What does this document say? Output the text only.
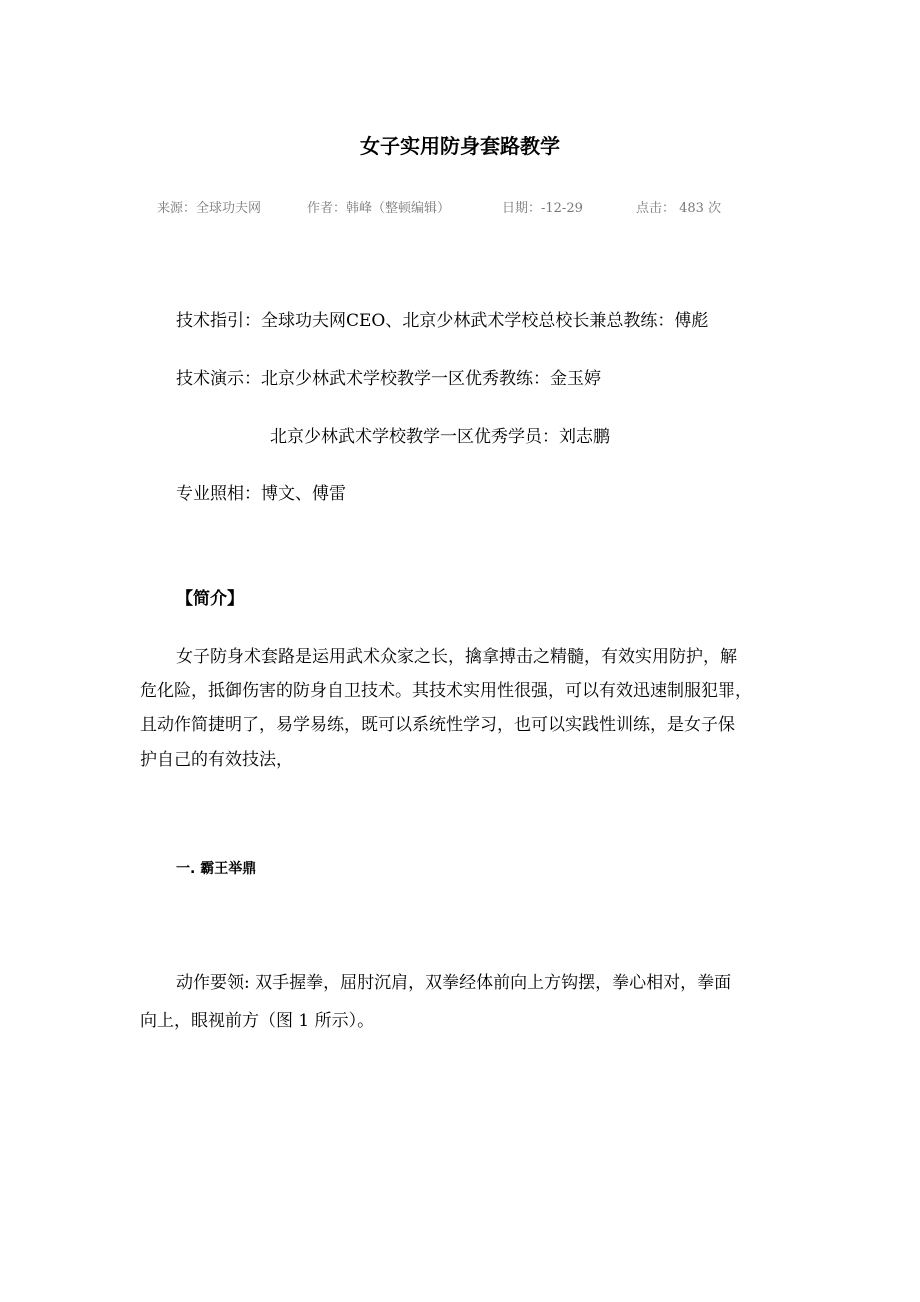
女子实用防身套路教学
来源：全球功夫网	作者：韩峰（整顿编辑）	日期：-12-29	点击： 483 次
技术指引：全球功夫网CEO、北京少林武术学校总校长兼总教练：傅彪
技术演示：北京少林武术学校教学一区优秀教练：金玉婷
北京少林武术学校教学一区优秀学员：刘志鹏
专业照相：博文、傅雷
【简介】
女子防身术套路是运用武术众家之长，擒拿搏击之精髓，有效实用防护，解
危化险，抵御伤害的防身自卫技术。其技术实用性很强，可以有效迅速制服犯罪，
且动作简捷明了，易学易练，既可以系统性学习，也可以实践性训练，是女子保
护自己的有效技法，
一. 霸王举鼎
动作要领: 双手握拳，屈肘沉肩，双拳经体前向上方钩摆，拳心相对，拳面
向上，眼视前方（图 1 所示）。
